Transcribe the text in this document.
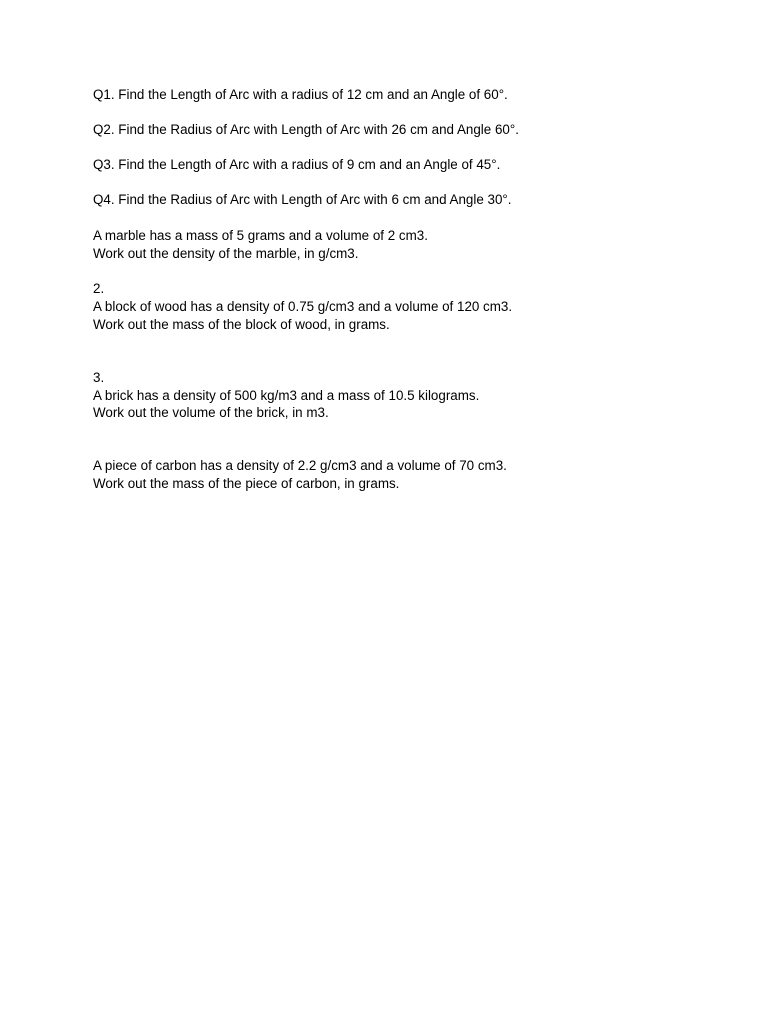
Q1. Find the Length of Arc with a radius of 12 cm and an Angle of 60°.
Q2. Find the Radius of Arc with Length of Arc with 26 cm and Angle 60°.
Q3. Find the Length of Arc with a radius of 9 cm and an Angle of 45°.
Q4. Find the Radius of Arc with Length of Arc with 6 cm and Angle 30°.
A marble has a mass of 5 grams and a volume of 2 cm3.
Work out the density of the marble, in g/cm3.
2.
A block of wood has a density of 0.75 g/cm3 and a volume of 120 cm3.
Work out the mass of the block of wood, in grams.
3.
A brick has a density of 500 kg/m3 and a mass of 10.5 kilograms.
Work out the volume of the brick, in m3.
A piece of carbon has a density of 2.2 g/cm3 and a volume of 70 cm3.
Work out the mass of the piece of carbon, in grams.
